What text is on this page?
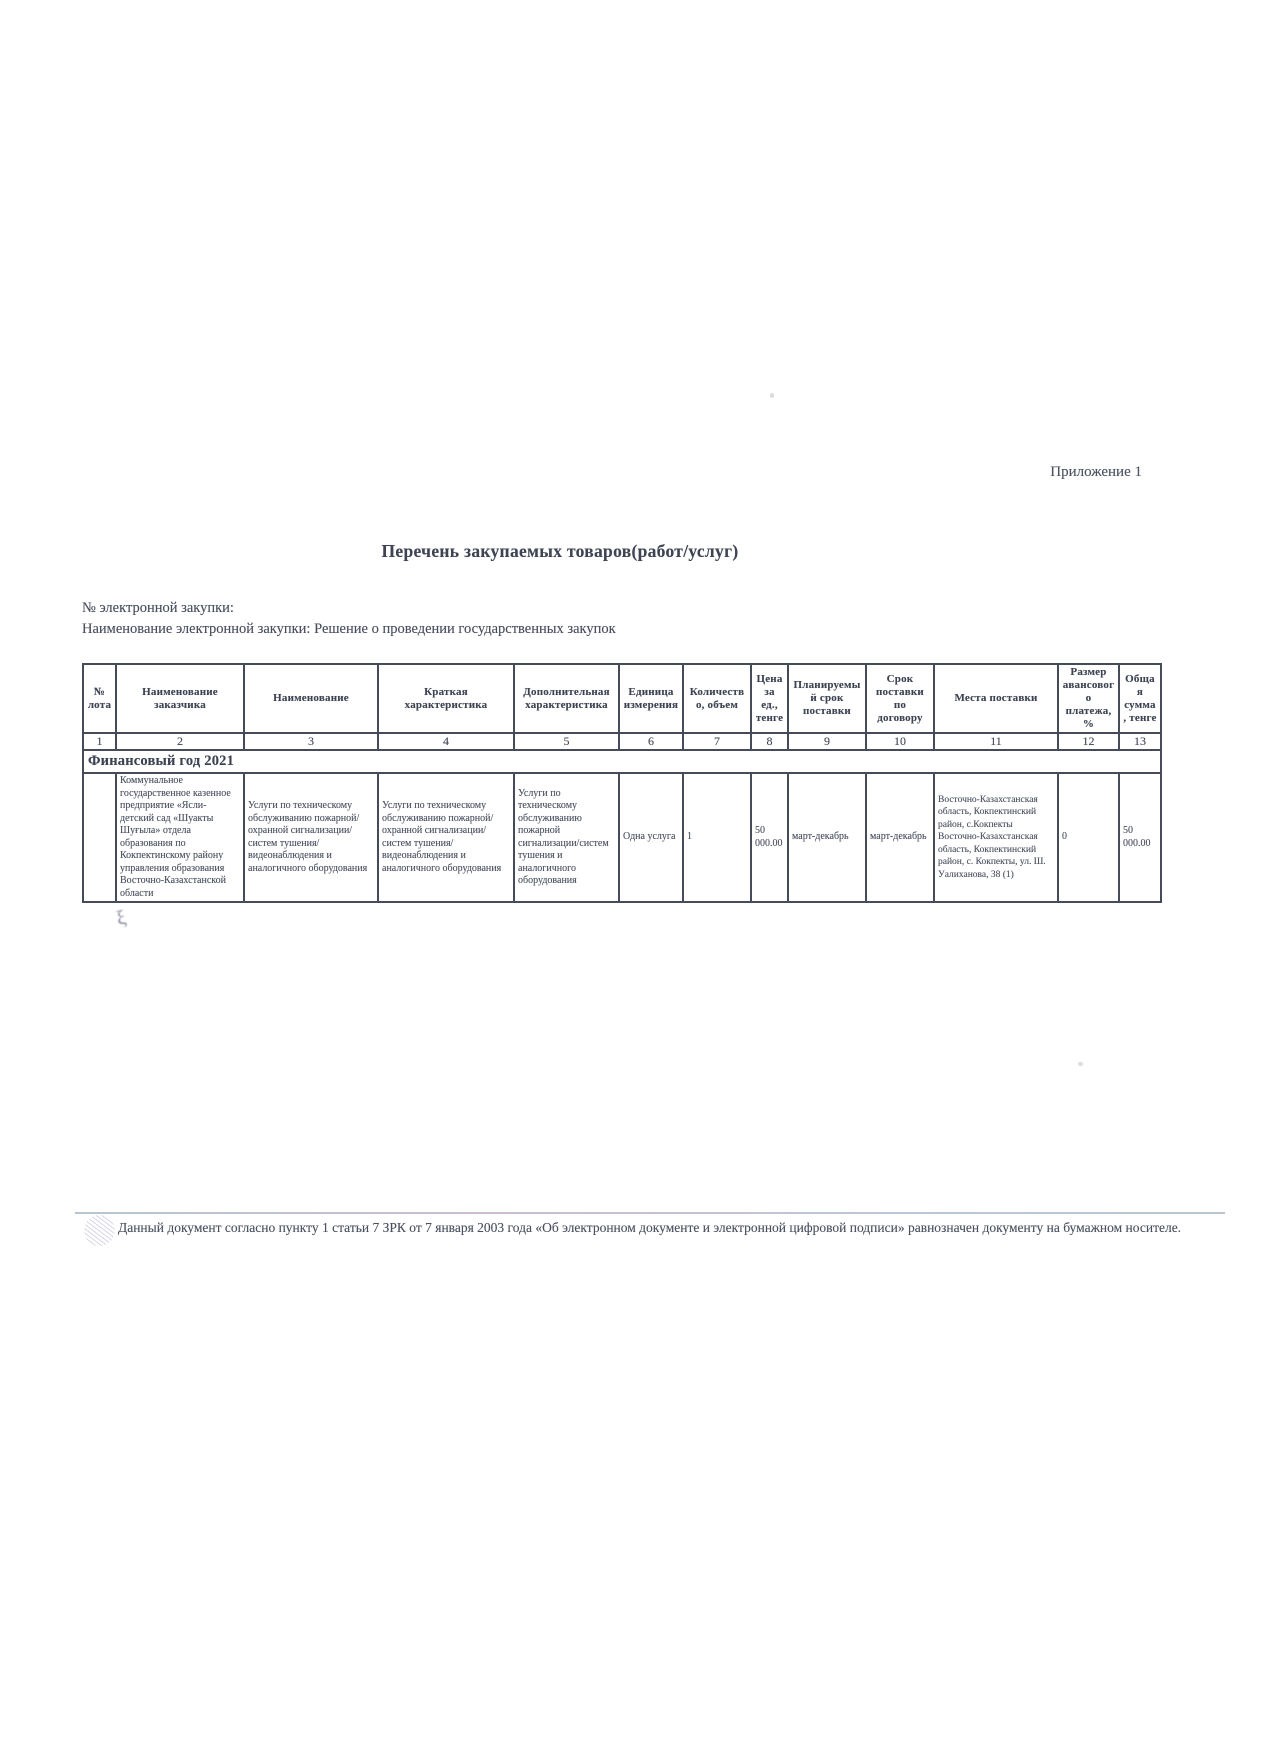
Приложение 1
Перечень закупаемых товаров(работ/услуг)
№ электронной закупки:
Наименование электронной закупки: Решение о проведении государственных закупок
№ лота	Наименование заказчика	Наименование	Краткая характеристика	Дополнительная характеристика	Единица измерения	Количество, объем	Цена за ед., тенге	Планируемый срок поставки	Срок поставки по договору	Места поставки	Размер авансового платежа, %	Общая сумма, тенге
1	2	3	4	5	6	7	8	9	10	11	12	13
Финансовый год 2021												
	Коммунальное государственное казенное предприятие «Ясли-детский сад «Шуакты Шуғыла» отдела образования по Кокпектинскому району управления образования Восточно-Казахстанской области	Услуги по техническому обслуживанию пожарной/охранной сигнализации/систем тушения/видеонаблюдения и аналогичного оборудования	Услуги по техническому обслуживанию пожарной/охранной сигнализации/систем тушения/видеонаблюдения и аналогичного оборудования	Услуги по техническому обслуживанию пожарной сигнализации/систем тушения и аналогичного оборудования	Одна услуга	1	50 000.00	март-декабрь	март-декабрь	Восточно-Казахстанская область, Кокпектинский район, с.Кокпекты Восточно-Казахстанская область, Кокпектинский район, с. Кокпекты, ул. Ш. Уалиханова, 38 (1)	0	50 000.00
ξ
Данный документ согласно пункту 1 статьи 7 ЗРК от 7 января 2003 года «Об электронном документе и электронной цифровой подписи» равнозначен документу на бумажном носителе.
